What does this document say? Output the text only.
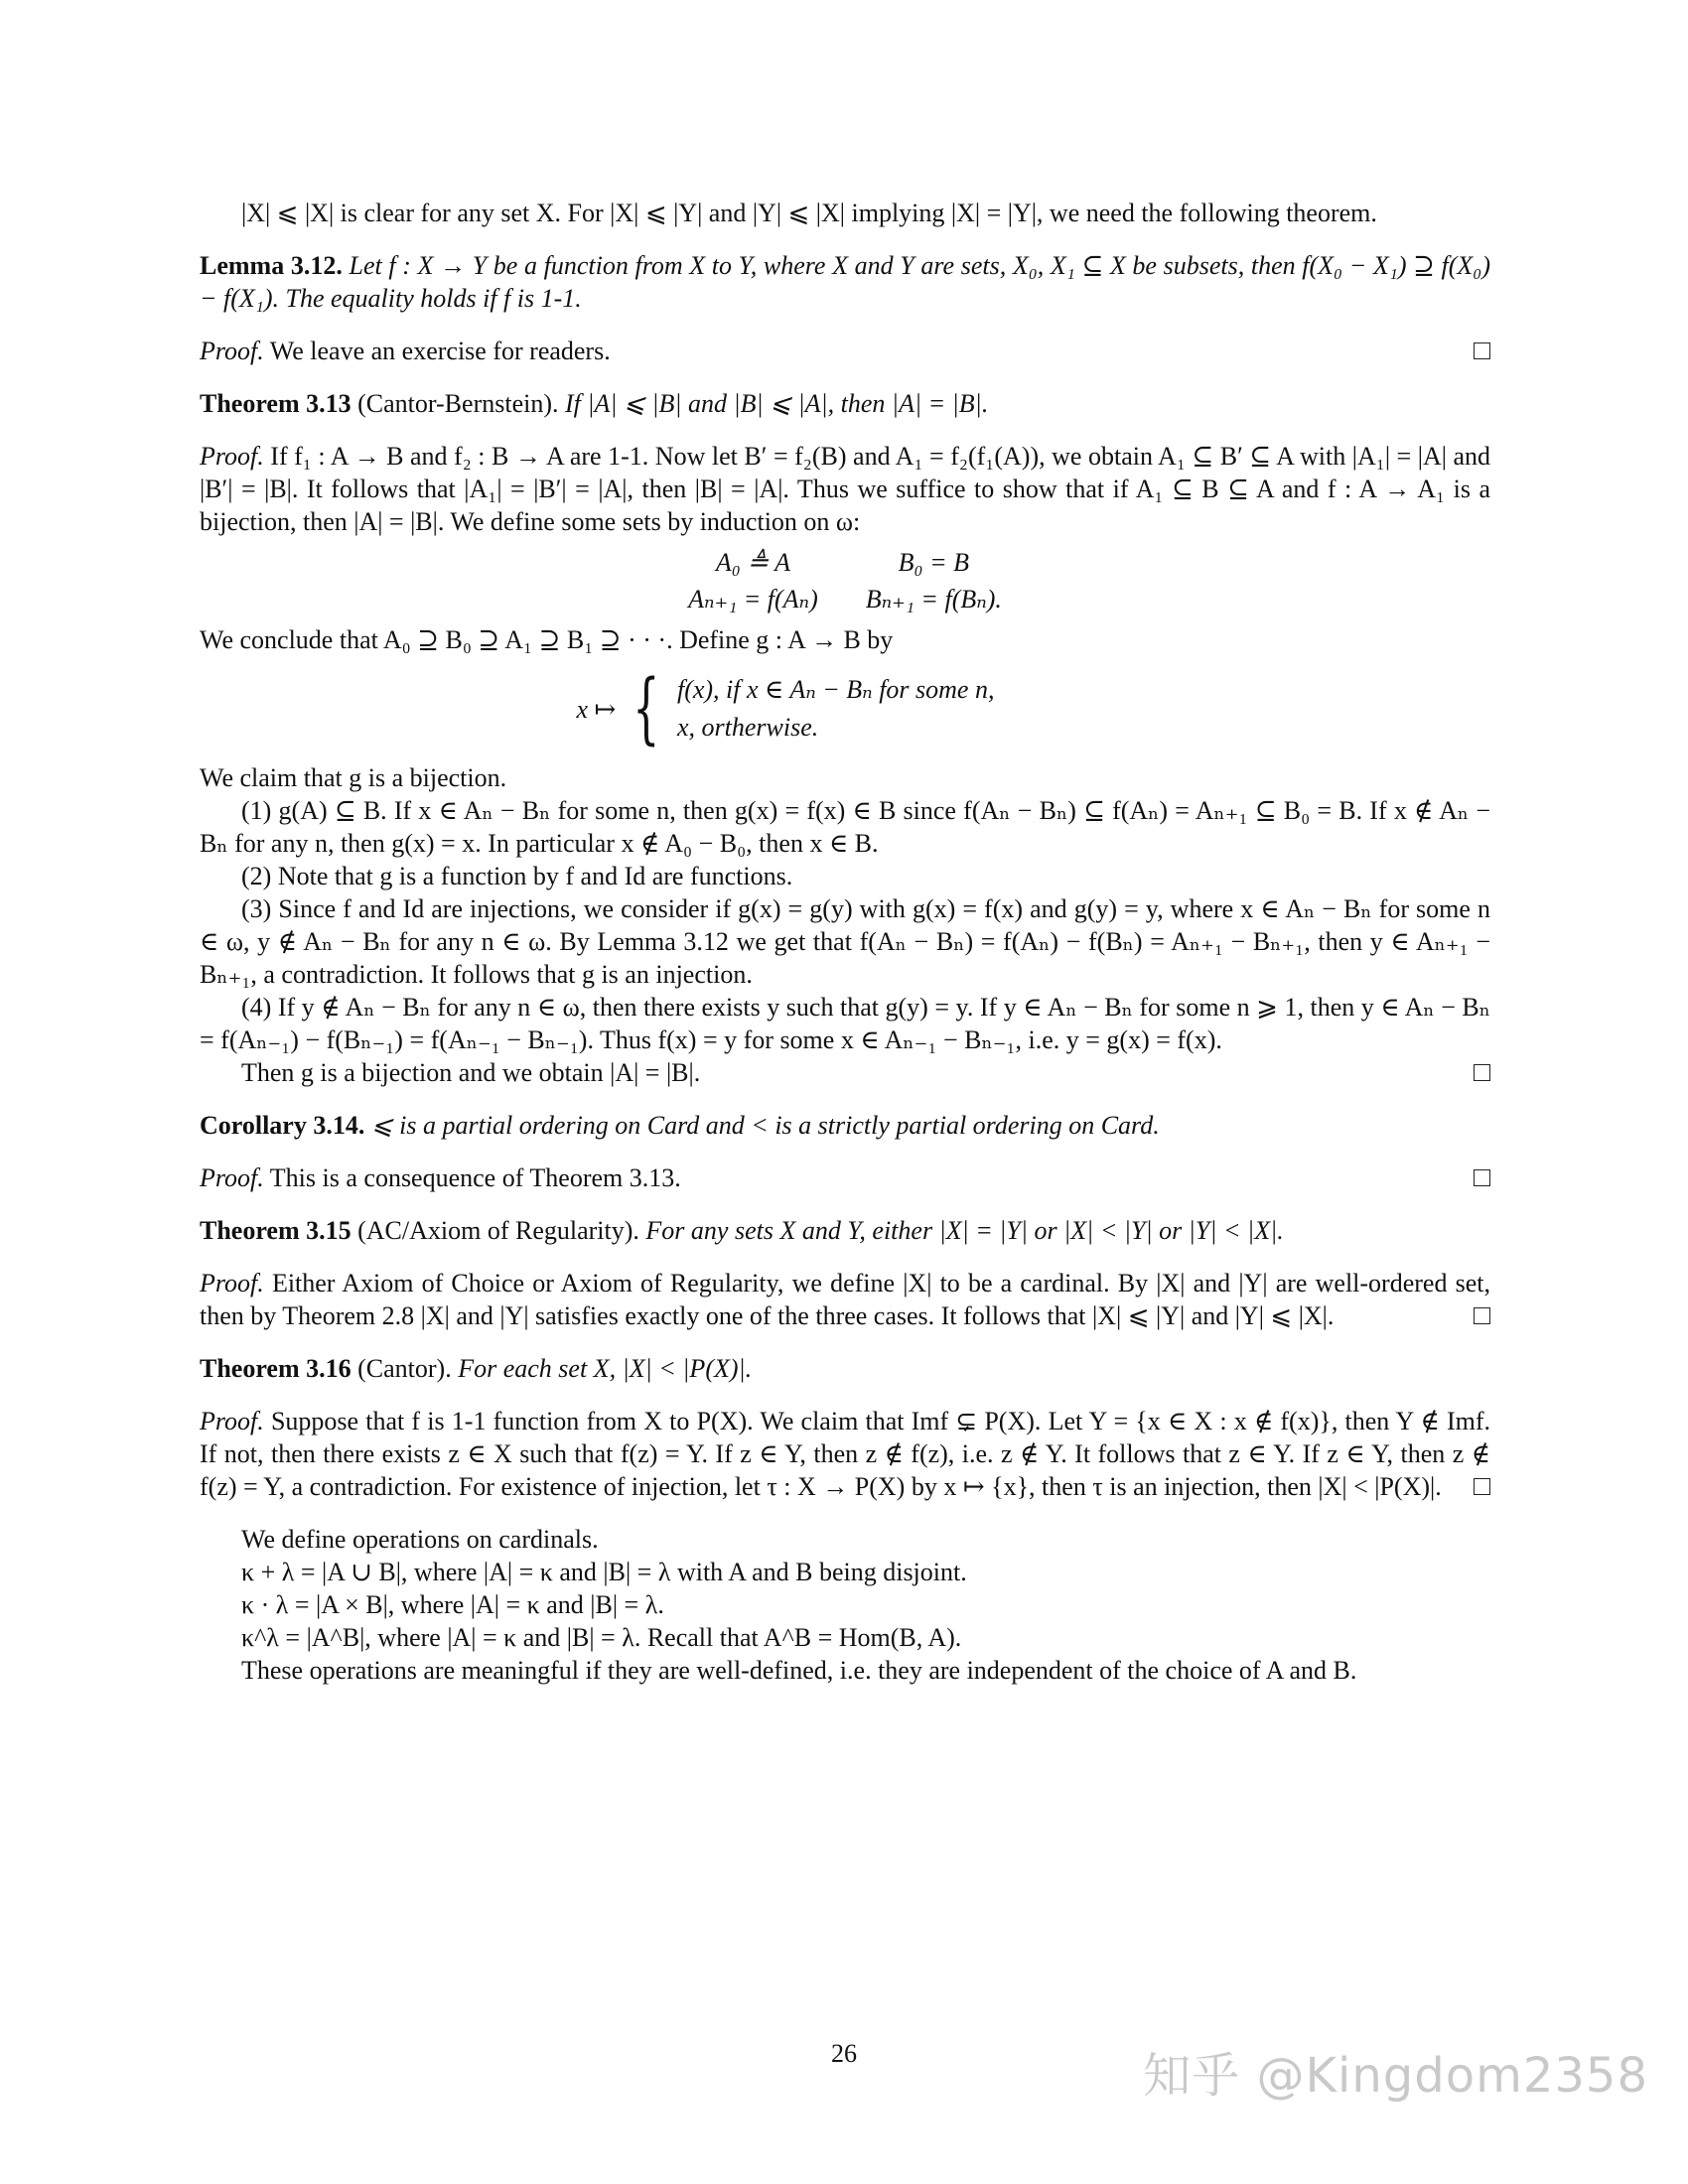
|X| ⩽ |X| is clear for any set X. For |X| ⩽ |Y| and |Y| ⩽ |X| implying |X| = |Y|, we need the following theorem.

Lemma 3.12. Let f : X → Y be a function from X to Y, where X and Y are sets, X₀, X₁ ⊆ X be subsets, then f(X₀ − X₁) ⊇ f(X₀) − f(X₁). The equality holds if f is 1-1.

Proof. We leave an exercise for readers.

Theorem 3.13 (Cantor-Bernstein). If |A| ⩽ |B| and |B| ⩽ |A|, then |A| = |B|.

Proof. If f₁ : A → B and f₂ : B → A are 1-1. Now let B′ = f₂(B) and A₁ = f₂(f₁(A)), we obtain A₁ ⊆ B′ ⊆ A with |A₁| = |A| and |B′| = |B|. It follows that |A₁| = |B′| = |A|, then |B| = |A|. Thus we suffice to show that if A₁ ⊆ B ⊆ A and f : A → A₁ is a bijection, then |A| = |B|. We define some sets by induction on ω:

A₀ ≜ A	B₀ = B
Aₙ₊₁ = f(Aₙ)	Bₙ₊₁ = f(Bₙ).

We conclude that A₀ ⊇ B₀ ⊇ A₁ ⊇ B₁ ⊇ · · ·. Define g : A → B by

x ↦ { f(x), if x ∈ Aₙ − Bₙ for some n,
x, ortherwise.

We claim that g is a bijection.

(1) g(A) ⊆ B. If x ∈ Aₙ − Bₙ for some n, then g(x) = f(x) ∈ B since f(Aₙ − Bₙ) ⊆ f(Aₙ) = Aₙ₊₁ ⊆ B₀ = B. If x ∉ Aₙ − Bₙ for any n, then g(x) = x. In particular x ∉ A₀ − B₀, then x ∈ B.

(2) Note that g is a function by f and Id are functions.

(3) Since f and Id are injections, we consider if g(x) = g(y) with g(x) = f(x) and g(y) = y, where x ∈ Aₙ − Bₙ for some n ∈ ω, y ∉ Aₙ − Bₙ for any n ∈ ω. By Lemma 3.12 we get that f(Aₙ − Bₙ) = f(Aₙ) − f(Bₙ) = Aₙ₊₁ − Bₙ₊₁, then y ∈ Aₙ₊₁ − Bₙ₊₁, a contradiction. It follows that g is an injection.

(4) If y ∉ Aₙ − Bₙ for any n ∈ ω, then there exists y such that g(y) = y. If y ∈ Aₙ − Bₙ for some n ⩾ 1, then y ∈ Aₙ − Bₙ = f(Aₙ₋₁) − f(Bₙ₋₁) = f(Aₙ₋₁ − Bₙ₋₁). Thus f(x) = y for some x ∈ Aₙ₋₁ − Bₙ₋₁, i.e. y = g(x) = f(x).

Then g is a bijection and we obtain |A| = |B|.

Corollary 3.14. ⩽ is a partial ordering on Card and < is a strictly partial ordering on Card.

Proof. This is a consequence of Theorem 3.13.

Theorem 3.15 (AC/Axiom of Regularity). For any sets X and Y, either |X| = |Y| or |X| < |Y| or |Y| < |X|.

Proof. Either Axiom of Choice or Axiom of Regularity, we define |X| to be a cardinal. By |X| and |Y| are well-ordered set, then by Theorem 2.8 |X| and |Y| satisfies exactly one of the three cases. It follows that |X| ⩽ |Y| and |Y| ⩽ |X|.

Theorem 3.16 (Cantor). For each set X, |X| < |P(X)|.

Proof. Suppose that f is 1-1 function from X to P(X). We claim that Imf ⊊ P(X). Let Y = {x ∈ X : x ∉ f(x)}, then Y ∉ Imf. If not, then there exists z ∈ X such that f(z) = Y. If z ∈ Y, then z ∉ f(z), i.e. z ∉ Y. It follows that z ∈ Y. If z ∈ Y, then z ∉ f(z) = Y, a contradiction. For existence of injection, let τ : X → P(X) by x ↦ {x}, then τ is an injection, then |X| < |P(X)|.

We define operations on cardinals.

κ + λ = |A ∪ B|, where |A| = κ and |B| = λ with A and B being disjoint.

κ · λ = |A × B|, where |A| = κ and |B| = λ.

κ^λ = |A^B|, where |A| = κ and |B| = λ. Recall that A^B = Hom(B, A).

These operations are meaningful if they are well-defined, i.e. they are independent of the choice of A and B.

26	知乎 @Kingdom2358
